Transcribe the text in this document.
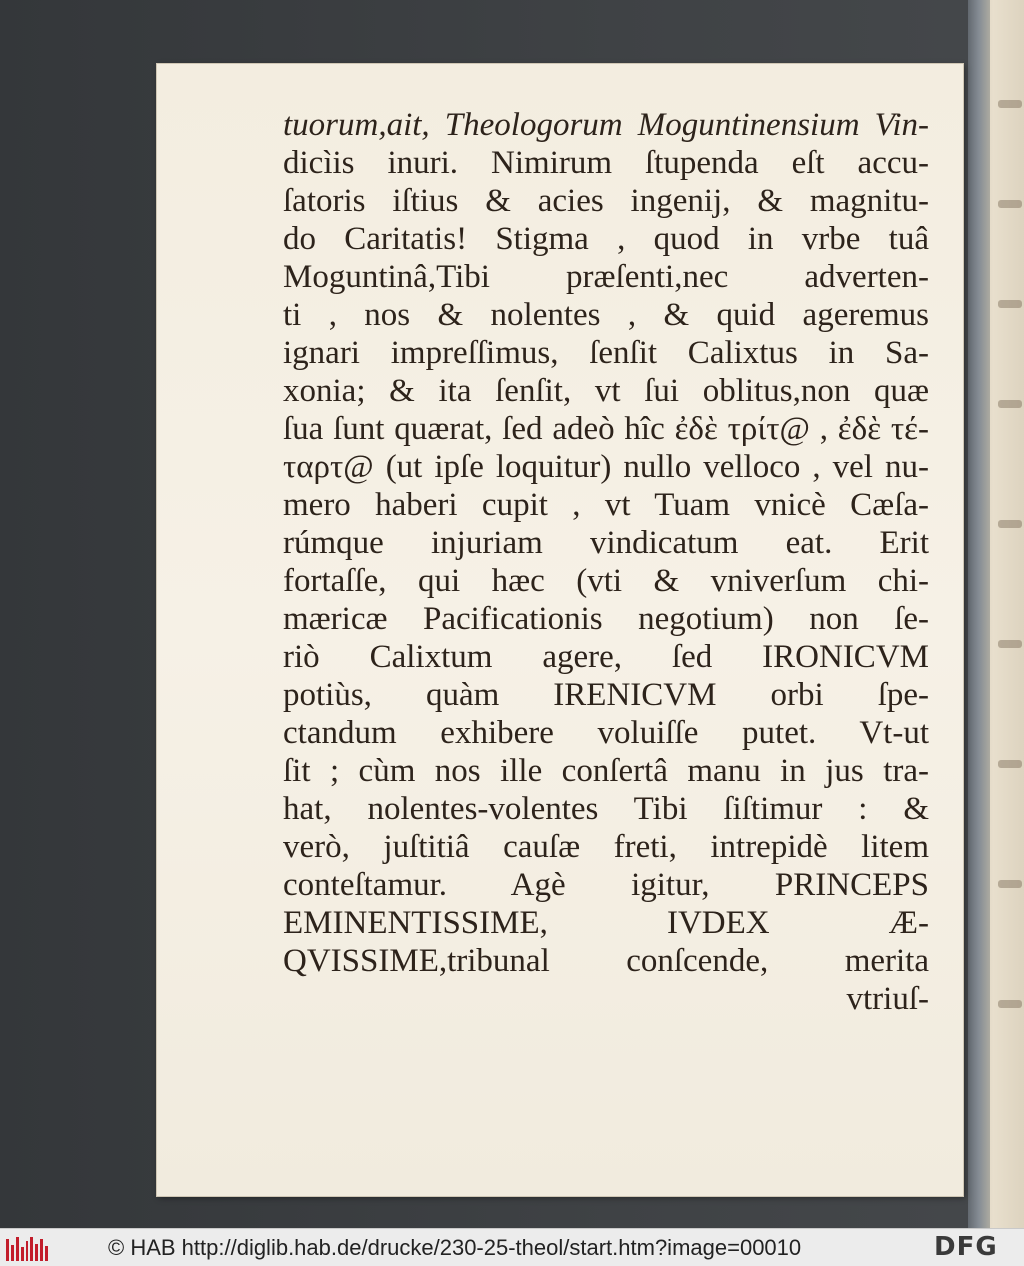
tuorum,ait, Theologorum Moguntinensium Vin-
dicìis inuri. Nimirum ſtupenda eſt accu-
ſatoris iſtius & acies ingenij, & magnitu-
do Caritatis! Stigma , quod in vrbe tuâ
Moguntinâ,Tibi præſenti,nec adverten-
ti , nos & nolentes , & quid ageremus
ignari impreſſimus, ſenſit Calixtus in Sa-
xonia; & ita ſenſit, vt ſui oblitus,non quæ
ſua ſunt quærat, ſed adeò hîc ἐδὲ τρίτ@ , ἐδὲ τέ-
ταρτ@ (ut ipſe loquitur) nullo velloco , vel nu-
mero haberi cupit , vt Tuam vnicè Cæſa-
rúmque injuriam vindicatum eat. Erit
fortaſſe, qui hæc (vti & vniverſum chi-
mæricæ Pacificationis negotium) non ſe-
riò Calixtum agere, ſed IRONICVM
potiùs, quàm IRENICVM orbi ſpe-
ctandum exhibere voluiſſe putet. Vt-ut
ſit ; cùm nos ille conſertâ manu in jus tra-
hat, nolentes-volentes Tibi ſiſtimur : &
verò, juſtitiâ cauſæ freti, intrepidè litem
conteſtamur. Agè igitur, PRINCEPS
EMINENTISSIME, IVDEX Æ-
QVISSIME,tribunal conſcende, merita
vtriuſ-
© HAB http://diglib.hab.de/drucke/230-25-theol/start.htm?image=00010	DFG
